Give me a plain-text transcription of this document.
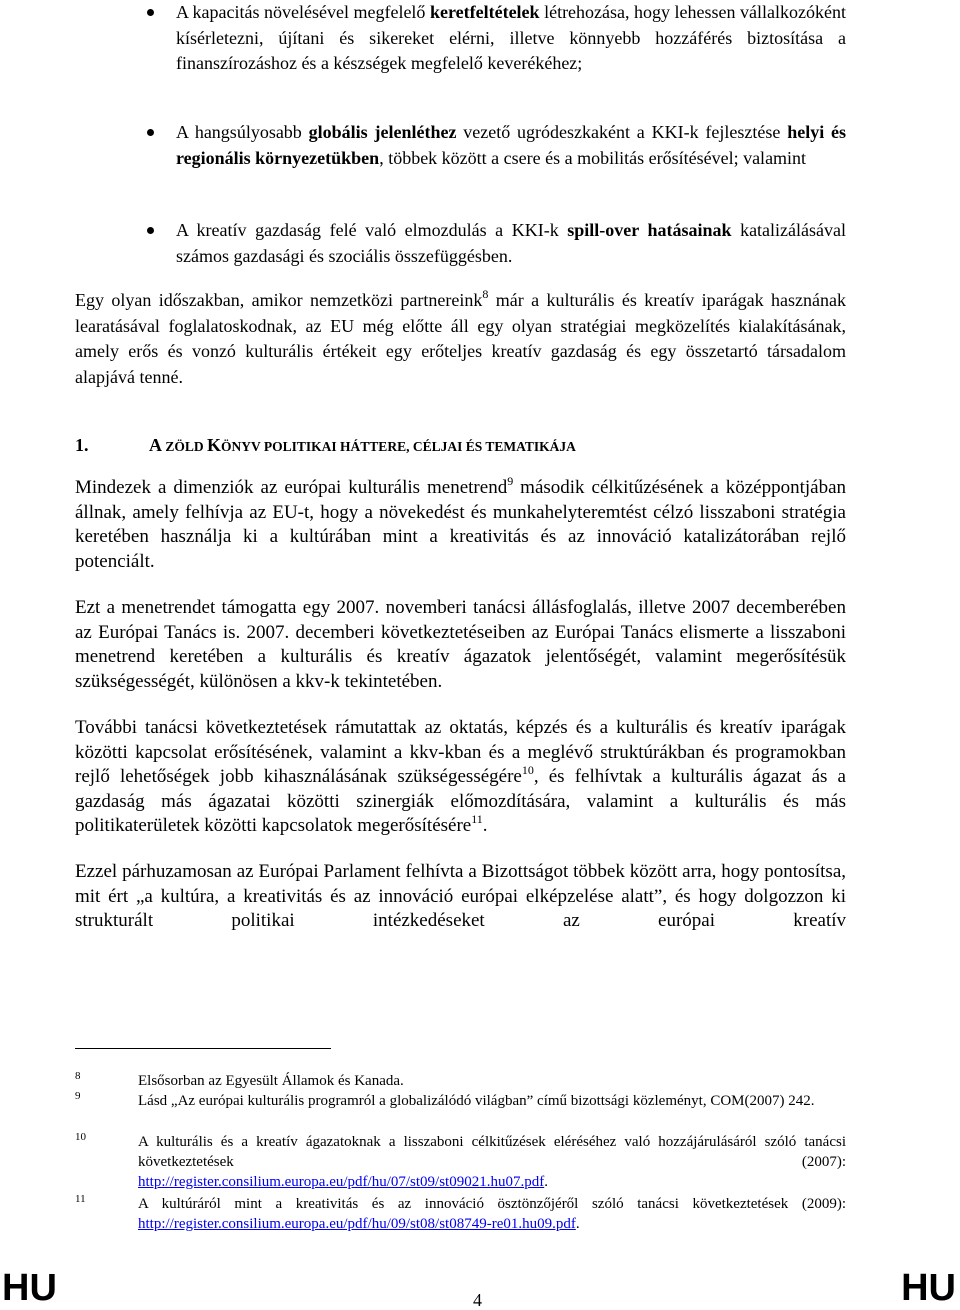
A kapacitás növelésével megfelelő keretfeltételek létrehozása, hogy lehessen vállalkozóként kísérletezni, újítani és sikereket elérni, illetve könnyebb hozzáférés biztosítása a finanszírozáshoz és a készségek megfelelő keverékéhez;
A hangsúlyosabb globális jelenléthez vezető ugródeszkaként a KKI-k fejlesztése helyi és regionális környezetükben, többek között a csere és a mobilitás erősítésével; valamint
A kreatív gazdaság felé való elmozdulás a KKI-k spill-over hatásainak katalizálásával számos gazdasági és szociális összefüggésben.
Egy olyan időszakban, amikor nemzetközi partnereink$^8$ már a kulturális és kreatív iparágak hasznának learatásával foglalatoskodnak, az EU még előtte áll egy olyan stratégiai megközelítés kialakításának, amely erős és vonzó kulturális értékeit egy erőteljes kreatív gazdaság és egy összetartó társadalom alapjává tenné.
1.	A ZÖLD KÖNYV POLITIKAI HÁTTERE, CÉLJAI ÉS TEMATIKÁJA
Mindezek a dimenziók az európai kulturális menetrend$^9$ második célkitűzésének a középpontjában állnak, amely felhívja az EU-t, hogy a növekedést és munkahelyteremtést célzó lisszaboni stratégia keretében használja ki a kultúrában mint a kreativitás és az innováció katalizátorában rejlő potenciált.
Ezt a menetrendet támogatta egy 2007. novemberi tanácsi állásfoglalás, illetve 2007 decemberében az Európai Tanács is. 2007. decemberi következtetéseiben az Európai Tanács elismerte a lisszaboni menetrend keretében a kulturális és kreatív ágazatok jelentőségét, valamint megerősítésük szükségességét, különösen a kkv-k tekintetében.
További tanácsi következtetések rámutattak az oktatás, képzés és a kulturális és kreatív iparágak közötti kapcsolat erősítésének, valamint a kkv-kban és a meglévő struktúrákban és programokban rejlő lehetőségek jobb kihasználásának szükségességére$^{10}$, és felhívtak a kulturális ágazat ás a gazdaság más ágazatai közötti szinergiák előmozdítására, valamint a kulturális és más politikaterületek közötti kapcsolatok megerősítésére$^{11}$.
Ezzel párhuzamosan az Európai Parlament felhívta a Bizottságot többek között arra, hogy pontosítsa, mit ért „a kultúra, a kreativitás és az innováció európai elképzelése alatt”, és hogy dolgozzon ki strukturált politikai intézkedéseket az európai kreatív
8	Elsősorban az Egyesült Államok és Kanada.
9	Lásd „Az európai kulturális programról a globalizálódó világban” című bizottsági közleményt, COM(2007) 242.
10	A kulturális és a kreatív ágazatoknak a lisszaboni célkitűzések eléréséhez való hozzájárulásáról szóló tanácsi következtetések (2007):
http://register.consilium.europa.eu/pdf/hu/07/st09/st09021.hu07.pdf.
11	A kultúráról mint a kreativitás és az innováció ösztönzőjéről szóló tanácsi következtetések (2009):
http://register.consilium.europa.eu/pdf/hu/09/st08/st08749-re01.hu09.pdf.
HU	4	HU
